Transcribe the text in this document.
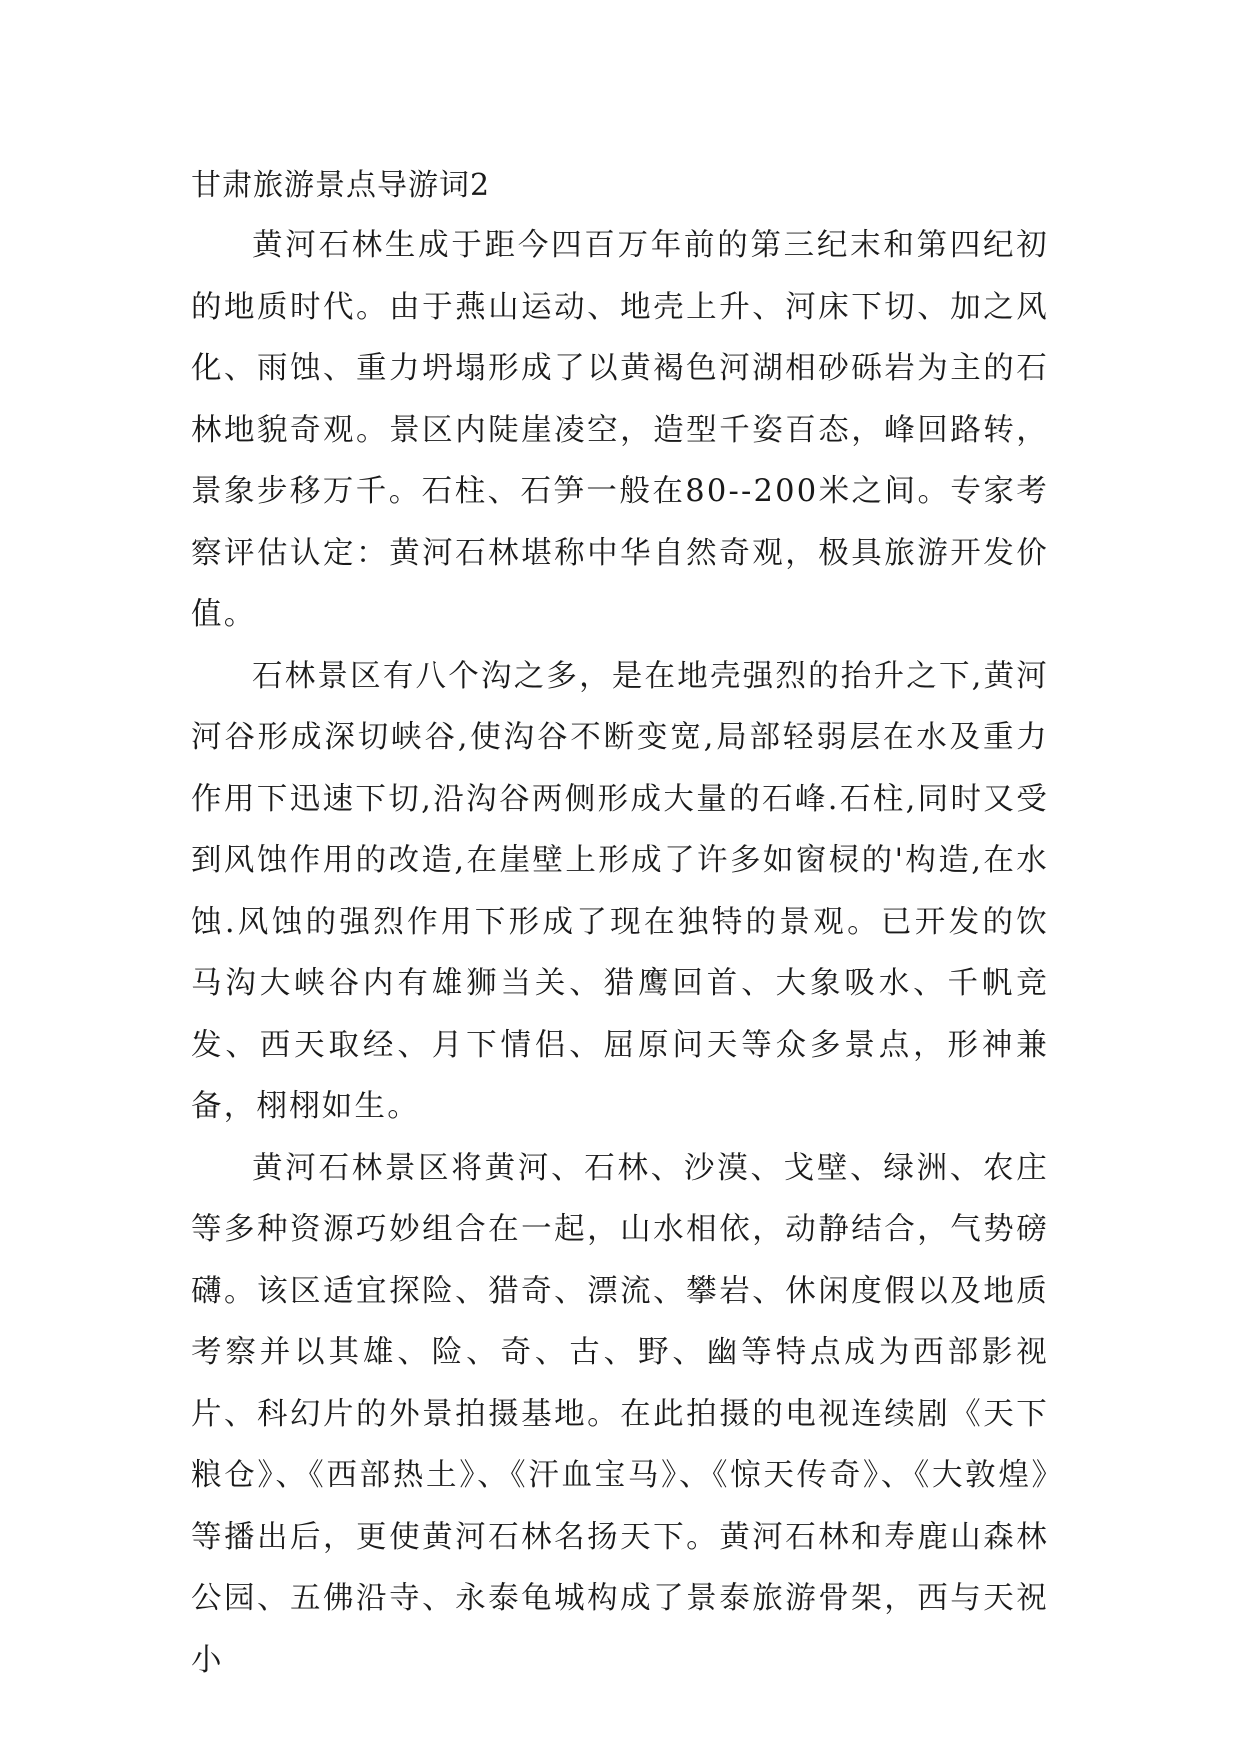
甘肃旅游景点导游词2

黄河石林生成于距今四百万年前的第三纪末和第四纪初的地质时代。由于燕山运动、地壳上升、河床下切、加之风化、雨蚀、重力坍塌形成了以黄褐色河湖相砂砾岩为主的石林地貌奇观。景区内陡崖凌空，造型千姿百态，峰回路转，景象步移万千。石柱、石笋一般在80--200米之间。专家考察评估认定：黄河石林堪称中华自然奇观，极具旅游开发价值。

石林景区有八个沟之多，是在地壳强烈的抬升之下,黄河河谷形成深切峡谷,使沟谷不断变宽,局部轻弱层在水及重力作用下迅速下切,沿沟谷两侧形成大量的石峰.石柱,同时又受到风蚀作用的改造,在崖壁上形成了许多如窗棂的'构造,在水蚀.风蚀的强烈作用下形成了现在独特的景观。已开发的饮马沟大峡谷内有雄狮当关、猎鹰回首、大象吸水、千帆竞发、西天取经、月下情侣、屈原问天等众多景点，形神兼备，栩栩如生。

黄河石林景区将黄河、石林、沙漠、戈壁、绿洲、农庄等多种资源巧妙组合在一起，山水相依，动静结合，气势磅礴。该区适宜探险、猎奇、漂流、攀岩、休闲度假以及地质考察并以其雄、险、奇、古、野、幽等特点成为西部影视片、科幻片的外景拍摄基地。在此拍摄的电视连续剧《天下粮仓》、《西部热土》、《汗血宝马》、《惊天传奇》、《大敦煌》等播出后，更使黄河石林名扬天下。黄河石林和寿鹿山森林公园、五佛沿寺、永泰龟城构成了景泰旅游骨架，西与天祝小
